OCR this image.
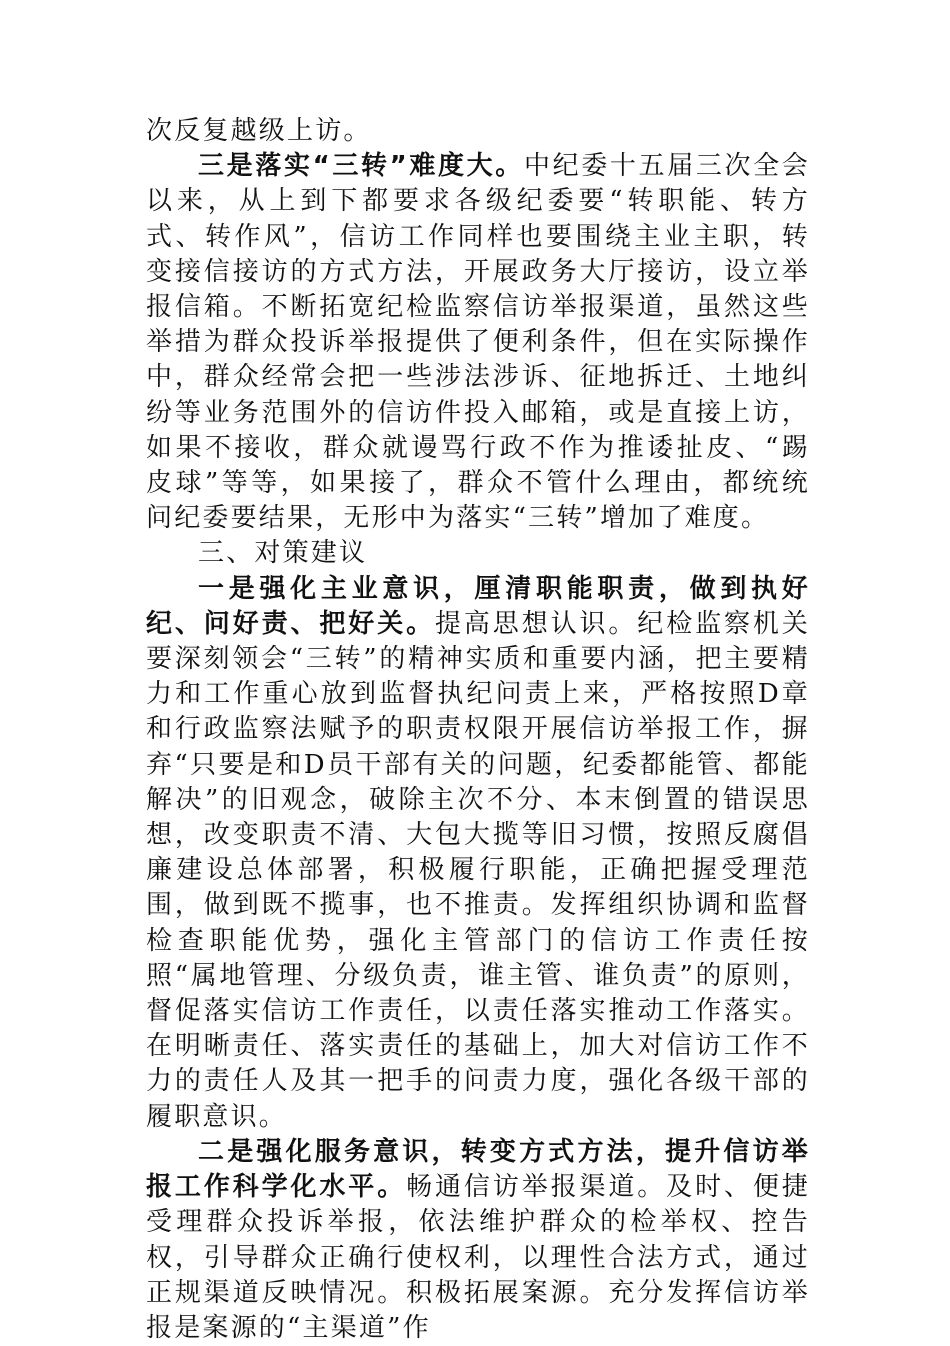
次反复越级上访。

三是落实“三转”难度大。中纪委十五届三次全会以来，从上到下都要求各级纪委要“转职能、转方式、转作风”，信访工作同样也要围绕主业主职，转变接信接访的方式方法，开展政务大厅接访，设立举报信箱。不断拓宽纪检监察信访举报渠道，虽然这些举措为群众投诉举报提供了便利条件，但在实际操作中，群众经常会把一些涉法涉诉、征地拆迁、土地纠纷等业务范围外的信访件投入邮箱，或是直接上访，如果不接收，群众就谩骂行政不作为推诿扯皮、“踢皮球”等等，如果接了，群众不管什么理由，都统统问纪委要结果，无形中为落实“三转”增加了难度。

三、对策建议

一是强化主业意识，厘清职能职责，做到执好纪、问好责、把好关。提高思想认识。纪检监察机关要深刻领会“三转”的精神实质和重要内涵，把主要精力和工作重心放到监督执纪问责上来，严格按照D章和行政监察法赋予的职责权限开展信访举报工作，摒弃“只要是和D员干部有关的问题，纪委都能管、都能解决”的旧观念，破除主次不分、本末倒置的错误思想，改变职责不清、大包大揽等旧习惯，按照反腐倡廉建设总体部署，积极履行职能，正确把握受理范围，做到既不揽事，也不推责。发挥组织协调和监督检查职能优势，强化主管部门的信访工作责任按照“属地管理、分级负责，谁主管、谁负责”的原则，督促落实信访工作责任，以责任落实推动工作落实。在明晰责任、落实责任的基础上，加大对信访工作不力的责任人及其一把手的问责力度，强化各级干部的履职意识。

二是强化服务意识，转变方式方法，提升信访举报工作科学化水平。畅通信访举报渠道。及时、便捷受理群众投诉举报，依法维护群众的检举权、控告权，引导群众正确行使权利，以理性合法方式，通过正规渠道反映情况。积极拓展案源。充分发挥信访举报是案源的“主渠道”作
